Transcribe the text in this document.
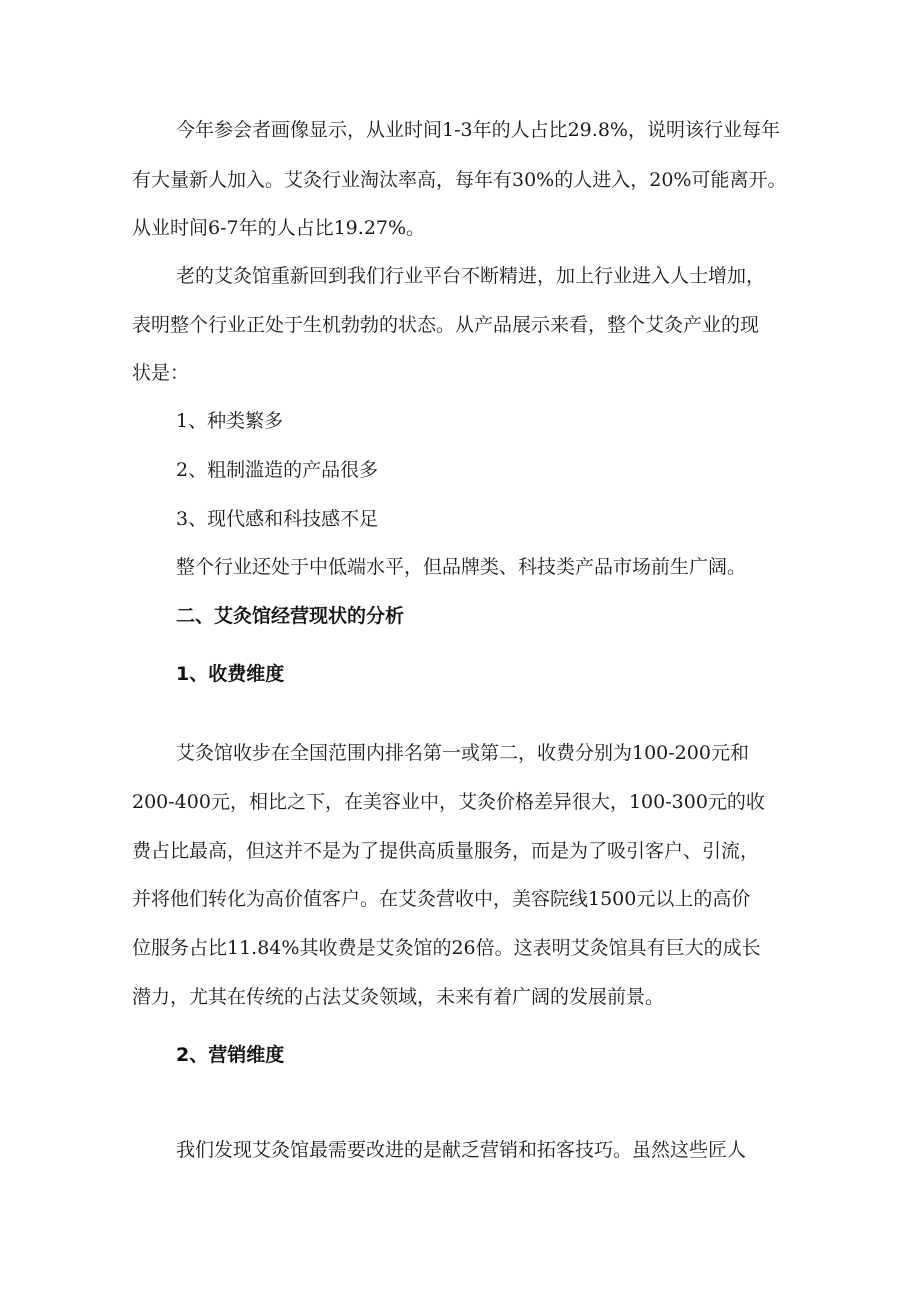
今年参会者画像显示，从业时间1-3年的人占比29.8%，说明该行业每年
有大量新人加入。艾灸行业淘汰率高，每年有30%的人进入，20%可能离开。
从业时间6-7年的人占比19.27%。
老的艾灸馆重新回到我们行业平台不断精进，加上行业进入人士增加，
表明整个行业正处于生机勃勃的状态。从产品展示来看，整个艾灸产业的现
状是：
1、种类繁多
2、粗制滥造的产品很多
3、现代感和科技感不足
整个行业还处于中低端水平，但品牌类、科技类产品市场前生广阔。
二、艾灸馆经营现状的分析
1、收费维度
艾灸馆收步在全国范围内排名第一或第二，收费分别为100-200元和
200-400元，相比之下，在美容业中，艾灸价格差异很大，100-300元的收
费占比最高，但这并不是为了提供高质量服务，而是为了吸引客户、引流，
并将他们转化为高价值客户。在艾灸营收中，美容院线1500元以上的高价
位服务占比11.84%其收费是艾灸馆的26倍。这表明艾灸馆具有巨大的成长
潜力，尤其在传统的占法艾灸领域，未来有着广阔的发展前景。
2、营销维度
我们发现艾灸馆最需要改进的是献乏营销和拓客技巧。虽然这些匠人
